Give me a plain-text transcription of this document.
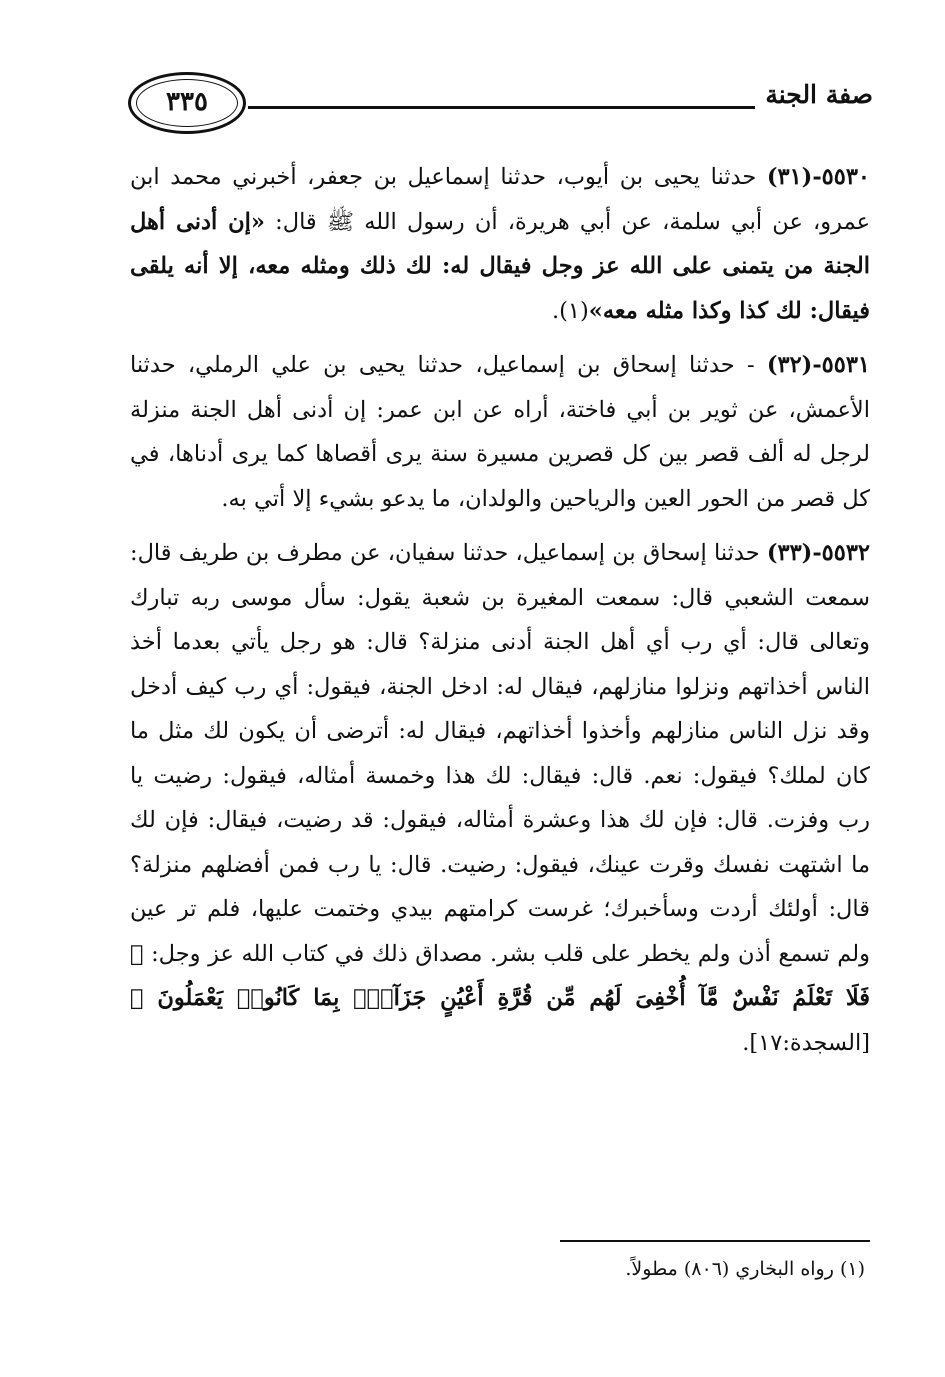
٣٣٥	صفة الجنة

٥٥٣٠-(٣١) حدثنا يحيى بن أيوب، حدثنا إسماعيل بن جعفر، أخبرني محمد ابن عمرو، عن أبي سلمة، عن أبي هريرة، أن رسول الله ﷺ قال: «إن أدنى أهل الجنة من يتمنى على الله عز وجل فيقال له: لك ذلك ومثله معه، إلا أنه يلقى فيقال: لك كذا وكذا مثله معه»(١).

٥٥٣١-(٣٢) - حدثنا إسحاق بن إسماعيل، حدثنا يحيى بن علي الرملي، حدثنا الأعمش، عن ثوير بن أبي فاختة، أراه عن ابن عمر: إن أدنى أهل الجنة منزلة لرجل له ألف قصر بين كل قصرين مسيرة سنة يرى أقصاها كما يرى أدناها، في كل قصر من الحور العين والرياحين والولدان، ما يدعو بشيء إلا أتي به.

٥٥٣٢-(٣٣) حدثنا إسحاق بن إسماعيل، حدثنا سفيان، عن مطرف بن طريف قال: سمعت الشعبي قال: سمعت المغيرة بن شعبة يقول: سأل موسى ربه تبارك وتعالى قال: أي رب أي أهل الجنة أدنى منزلة؟ قال: هو رجل يأتي بعدما أخذ الناس أخذاتهم ونزلوا منازلهم، فيقال له: ادخل الجنة، فيقول: أي رب كيف أدخل وقد نزل الناس منازلهم وأخذوا أخذاتهم، فيقال له: أترضى أن يكون لك مثل ما كان لملك؟ فيقول: نعم. قال: فيقال: لك هذا وخمسة أمثاله، فيقول: رضيت يا رب وفزت. قال: فإن لك هذا وعشرة أمثاله، فيقول: قد رضيت، فيقال: فإن لك ما اشتهت نفسك وقرت عينك، فيقول: رضيت. قال: يا رب فمن أفضلهم منزلة؟ قال: أولئك أردت وسأخبرك؛ غرست كرامتهم بيدي وختمت عليها، فلم تر عين ولم تسمع أذن ولم يخطر على قلب بشر. مصداق ذلك في كتاب الله عز وجل: ﴿ فَلَا تَعْلَمُ نَفْسٌ مَّآ أُخْفِىَ لَهُم مِّن قُرَّةِ أَعْيُنٍ جَزَآءًۢ بِمَا كَانُوا۟ يَعْمَلُونَ ﴾ [السجدة:١٧].

(١) رواه البخاري (٨٠٦) مطولاً.
